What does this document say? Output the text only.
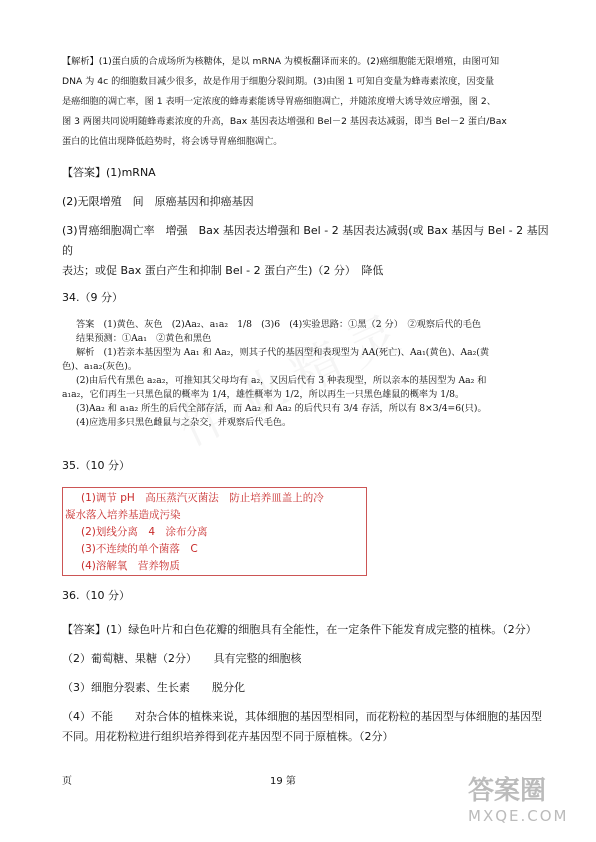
【解析】(1)蛋白质的合成场所为核糖体，是以 mRNA 为模板翻译而来的。(2)癌细胞能无限增殖，由图可知

DNA 为 4c 的细胞数目减少很多，故是作用于细胞分裂间期。(3)由图 1 可知自变量为蜂毒素浓度，因变量

是癌细胞的凋亡率，图 1 表明一定浓度的蜂毒素能诱导胃癌细胞凋亡，并随浓度增大诱导效应增强，图 2、

图 3 两图共同说明随蜂毒素浓度的升高，Bax 基因表达增强和 Bel－2 基因表达减弱，即当 Bel－2 蛋白/Bax

蛋白的比值出现降低趋势时，将会诱导胃癌细胞凋亡。

【答案】(1)mRNA

(2)无限增殖　间　原癌基因和抑癌基因

(3)胃癌细胞凋亡率　增强　Bax 基因表达增强和 Bel - 2 基因表达减弱(或 Bax 基因与 Bel - 2 基因的

表达；或促 Bax 蛋白产生和抑制 Bel - 2 蛋白产生)（2 分）　降低

34.（9 分）

答案　(1)黄色、灰色　(2)Aa₂、a₁a₂　1/8　(3)6　(4)实验思路：①黑（2 分）　②观察后代的毛色

结果预测：①Aa₁　②黄色和黑色

解析　(1)若亲本基因型为 Aa₁ 和 Aa₂，则其子代的基因型和表现型为 AA(死亡)、Aa₁(黄色)、Aa₂(黄

色)、a₁a₂(灰色)。

(2)由后代有黑色 a₂a₂，可推知其父母均有 a₂，又因后代有 3 种表现型，所以亲本的基因型为 Aa₂ 和

a₁a₂，它们再生一只黑色鼠的概率为 1/4，雄性概率为 1/2，所以再生一只黑色雄鼠的概率为 1/8。

(3)Aa₂ 和 a₁a₂ 所生的后代全部存活，而 Aa₂ 和 Aa₂ 的后代只有 3/4 存活，所以有 8×3/4=6(只)。

(4)应选用多只黑色雌鼠与之杂交，并观察后代毛色。

35.（10 分）

(1)调节 pH　高压蒸汽灭菌法　防止培养皿盖上的冷

凝水落入培养基造成污染

(2)划线分离　4　涂布分离

(3)不连续的单个菌落　C

(4)溶解氧　营养物质

36.（10 分）

【答案】(1）绿色叶片和白色花瓣的细胞具有全能性，在一定条件下能发育成完整的植株。（2分）

（2）葡萄糖、果糖（2分）　　具有完整的细胞核

（3）细胞分裂素、生长素　　脱分化

（4）不能　　对杂合体的植株来说，其体细胞的基因型相同，而花粉粒的基因型与体细胞的基因型

不同。用花粉粒进行组织培养得到花卉基因型不同于原植株。（2分）

页	19 第	答案圈

MXQE.COM
